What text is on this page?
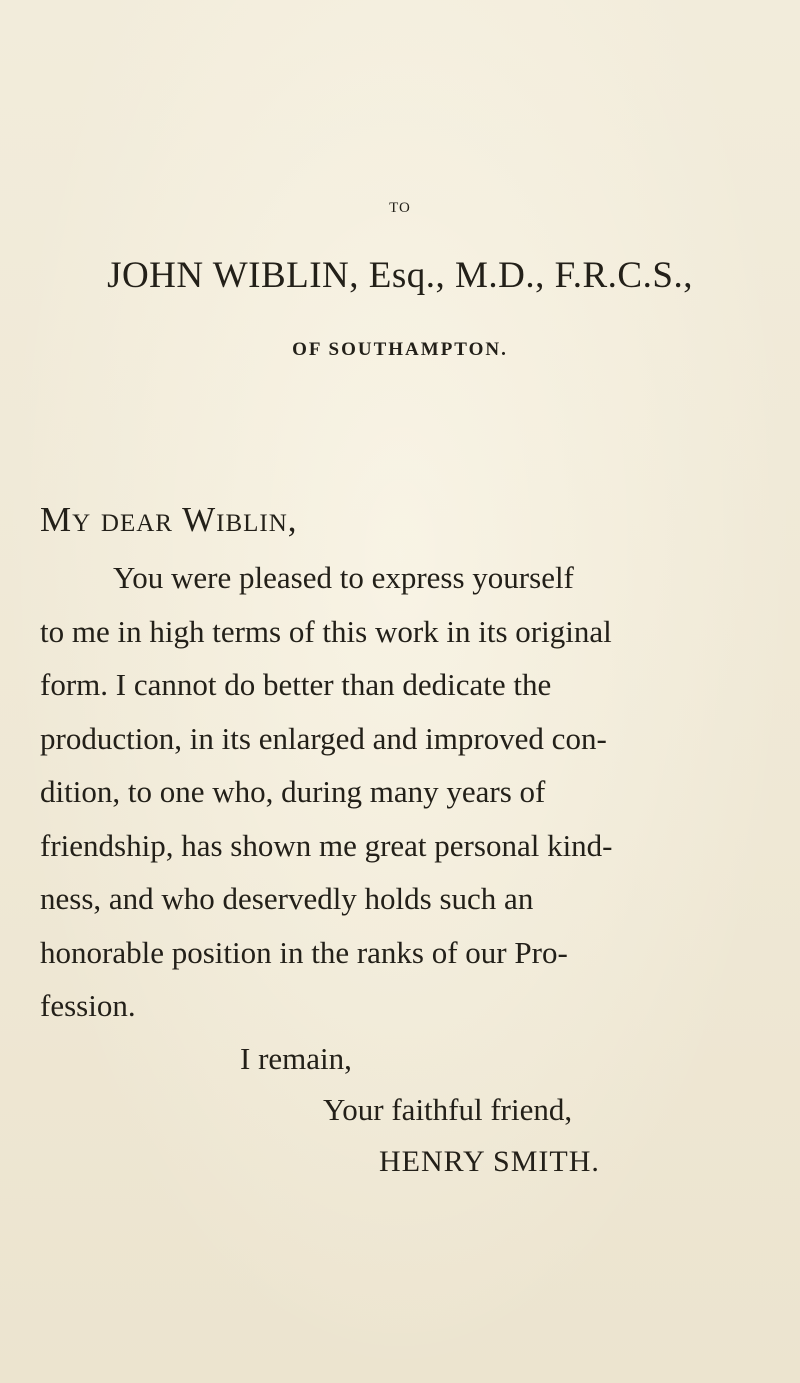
TO

JOHN WIBLIN, Esq., M.D., F.R.C.S.,

OF SOUTHAMPTON.

My dear Wiblin,

You were pleased to express yourself

to me in high terms of this work in its original

form. I cannot do better than dedicate the

production, in its enlarged and improved con-

dition, to one who, during many years of

friendship, has shown me great personal kind-

ness, and who deservedly holds such an

honorable position in the ranks of our Pro-

fession.

I remain,

Your faithful friend,

HENRY SMITH.
